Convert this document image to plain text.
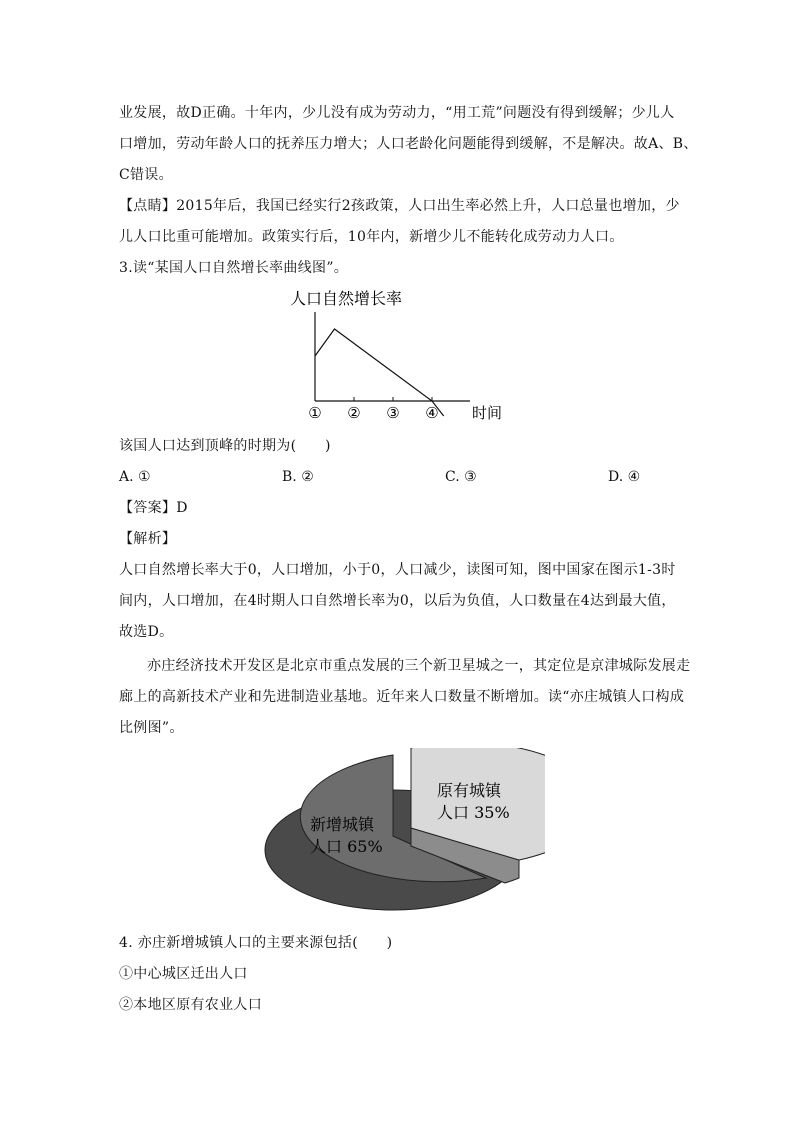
业发展，故D正确。十年内，少儿没有成为劳动力，“用工荒”问题没有得到缓解；少儿人
口增加，劳动年龄人口的抚养压力增大；人口老龄化问题能得到缓解，不是解决。故A、B、
C错误。
【点睛】2015年后，我国已经实行2孩政策，人口出生率必然上升，人口总量也增加，少
儿人口比重可能增加。政策实行后，10年内，新增少儿不能转化成劳动力人口。
3.读“某国人口自然增长率曲线图”。
人口自然增长率
① ② ③ ④ 时间
该国人口达到顶峰的时期为(　　)
A. ①	B. ②	C. ③	D. ④
【答案】D
【解析】
人口自然增长率大于0，人口增加，小于0，人口减少，读图可知，图中国家在图示1-3时
间内，人口增加，在4时期人口自然增长率为0，以后为负值，人口数量在4达到最大值，
故选D。
亦庄经济技术开发区是北京市重点发展的三个新卫星城之一，其定位是京津城际发展走
廊上的高新技术产业和先进制造业基地。近年来人口数量不断增加。读“亦庄城镇人口构成
比例图”。
新增城镇
人口 65%
原有城镇
人口 35%
4. 亦庄新增城镇人口的主要来源包括(　　)
①中心城区迁出人口
②本地区原有农业人口
